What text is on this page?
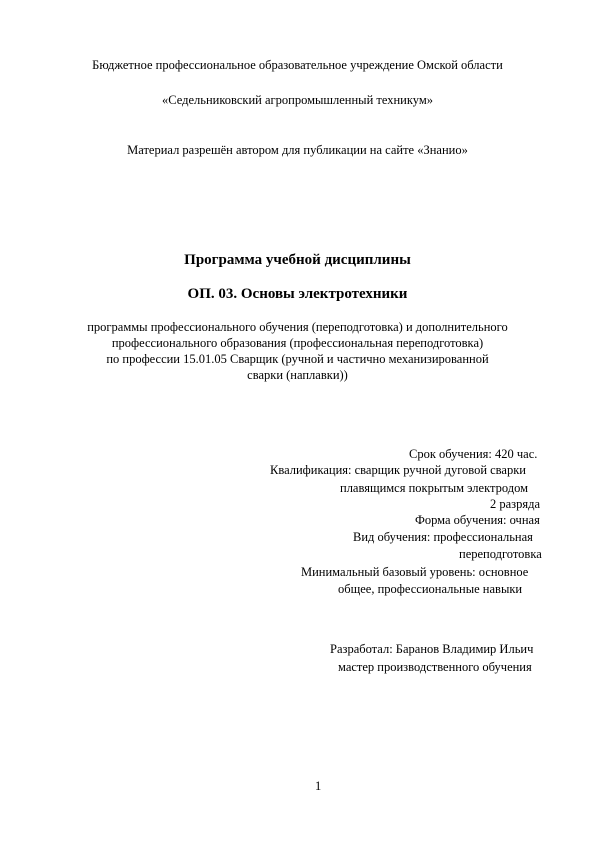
Бюджетное профессиональное образовательное учреждение Омской области
«Седельниковский агропромышленный техникум»
Материал разрешён автором для публикации на сайте «Знанио»
Программа учебной дисциплины
ОП. 03. Основы электротехники
программы профессионального обучения (переподготовка) и дополнительного
профессионального образования (профессиональная переподготовка)
по профессии 15.01.05 Сварщик (ручной и частично механизированной
сварки (наплавки))
Срок обучения: 420 час.
Квалификация: сварщик ручной дуговой сварки
плавящимся покрытым электродом
2 разряда
Форма обучения: очная
Вид обучения: профессиональная
переподготовка
Минимальный базовый уровень: основное
общее, профессиональные навыки
Разработал: Баранов Владимир Ильич
мастер производственного обучения
1
